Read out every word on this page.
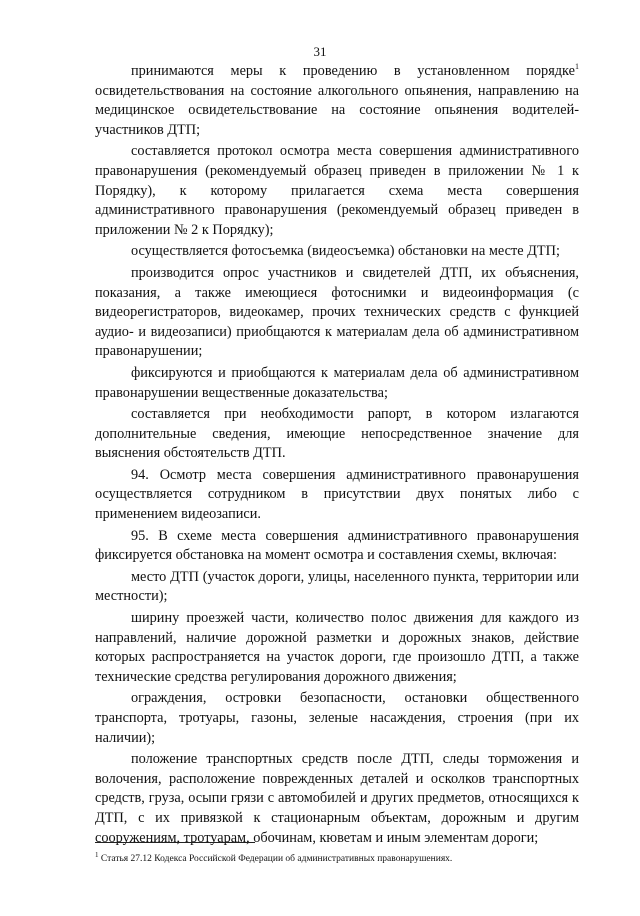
31

принимаются меры к проведению в установленном порядке$^1$ освидетельствования на состояние алкогольного опьянения, направлению на медицинское освидетельствование на состояние опьянения водителей-участников ДТП;

составляется протокол осмотра места совершения административного правонарушения (рекомендуемый образец приведен в приложении № 1 к Порядку), к которому прилагается схема места совершения административного правонарушения (рекомендуемый образец приведен в приложении № 2 к Порядку);

осуществляется фотосъемка (видеосъемка) обстановки на месте ДТП;

производится опрос участников и свидетелей ДТП, их объяснения, показания, а также имеющиеся фотоснимки и видеоинформация (с видеорегистраторов, видеокамер, прочих технических средств с функцией аудио- и видеозаписи) приобщаются к материалам дела об административном правонарушении;

фиксируются и приобщаются к материалам дела об административном правонарушении вещественные доказательства;

составляется при необходимости рапорт, в котором излагаются дополнительные сведения, имеющие непосредственное значение для выяснения обстоятельств ДТП.

94. Осмотр места совершения административного правонарушения осуществляется сотрудником в присутствии двух понятых либо с применением видеозаписи.

95. В схеме места совершения административного правонарушения фиксируется обстановка на момент осмотра и составления схемы, включая:

место ДТП (участок дороги, улицы, населенного пункта, территории или местности);

ширину проезжей части, количество полос движения для каждого из направлений, наличие дорожной разметки и дорожных знаков, действие которых распространяется на участок дороги, где произошло ДТП, а также технические средства регулирования дорожного движения;

ограждения, островки безопасности, остановки общественного транспорта, тротуары, газоны, зеленые насаждения, строения (при их наличии);

положение транспортных средств после ДТП, следы торможения и волочения, расположение поврежденных деталей и осколков транспортных средств, груза, осыпи грязи с автомобилей и других предметов, относящихся к ДТП, с их привязкой к стационарным объектам, дорожным и другим сооружениям, тротуарам, обочинам, кюветам и иным элементам дороги;

$^1$ Статья 27.12 Кодекса Российской Федерации об административных правонарушениях.
